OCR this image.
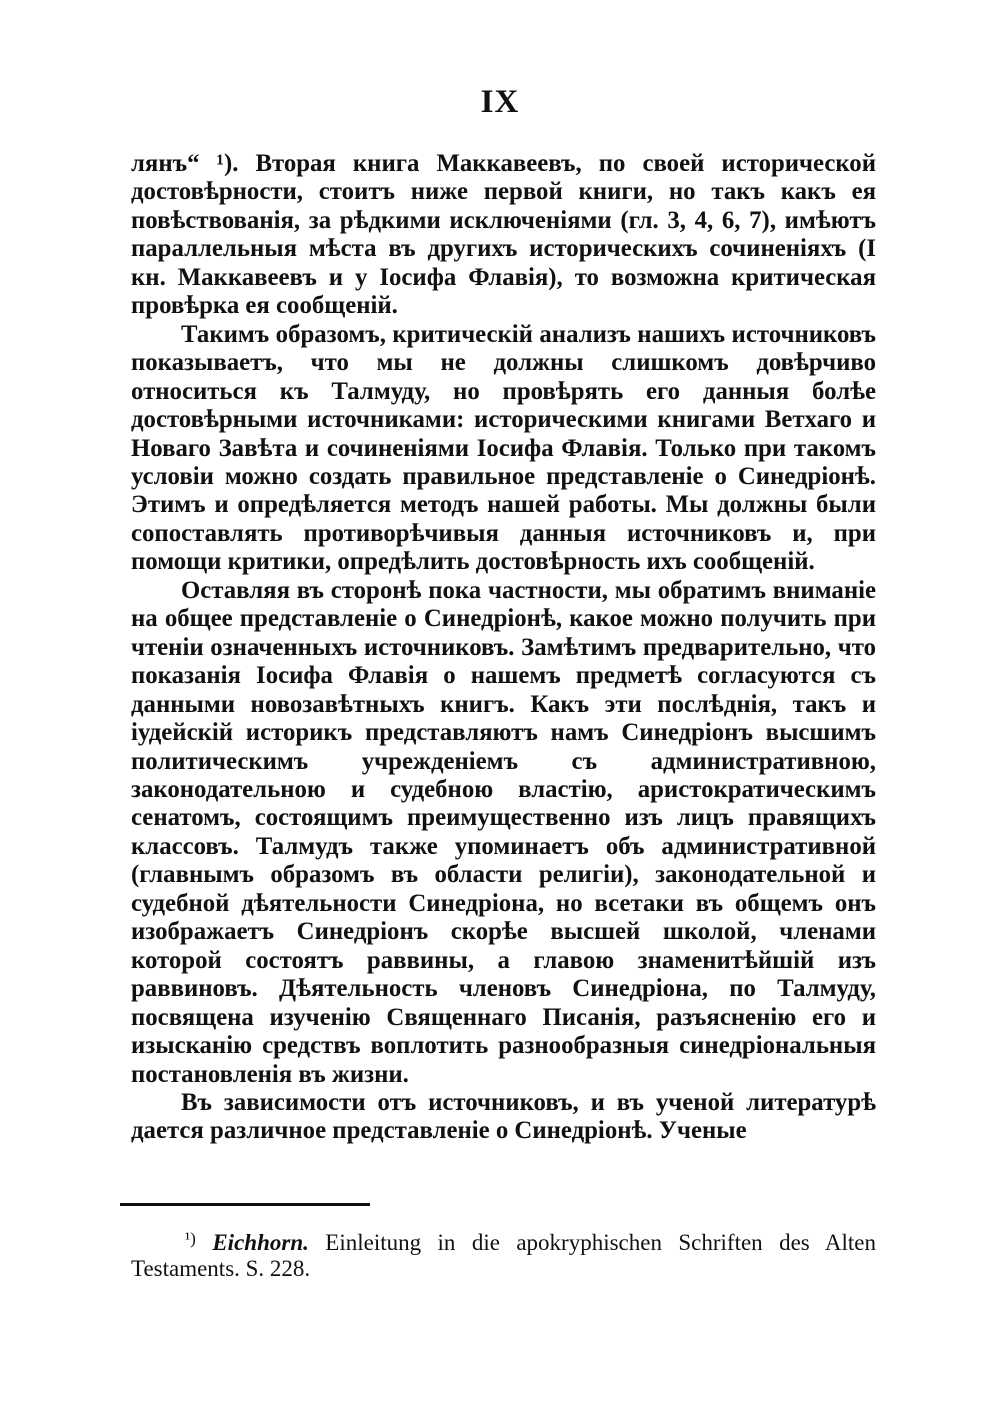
IX

лянъ“ ¹). Вторая книга Маккавеевъ, по своей исторической достовѣрности, стоитъ ниже первой книги, но такъ какъ ея повѣствованія, за рѣдкими исключеніями (гл. 3, 4, 6, 7), имѣютъ параллельныя мѣста въ другихъ историческихъ сочиненіяхъ (I кн. Маккавеевъ и у Іосифа Флавія), то возможна критическая провѣрка ея сообщеній.

Такимъ образомъ, критическій анализъ нашихъ источниковъ показываетъ, что мы не должны слишкомъ довѣрчиво относиться къ Талмуду, но провѣрять его данныя болѣе достовѣрными источниками: историческими книгами Ветхаго и Новаго Завѣта и сочиненіями Іосифа Флавія. Только при такомъ условіи можно создать правильное представленіе о Синедріонѣ. Этимъ и опредѣляется методъ нашей работы. Мы должны были сопоставлять противорѣчивыя данныя источниковъ и, при помощи критики, опредѣлить достовѣрность ихъ сообщеній.

Оставляя въ сторонѣ пока частности, мы обратимъ вниманіе на общее представленіе о Синедріонѣ, какое можно получить при чтеніи означенныхъ источниковъ. Замѣтимъ предварительно, что показанія Іосифа Флавія о нашемъ предметѣ согласуются съ данными новозавѣтныхъ книгъ. Какъ эти послѣднія, такъ и іудейскій историкъ представляютъ намъ Синедріонъ высшимъ политическимъ учрежденіемъ съ административною, законодательною и судебною властію, аристократическимъ сенатомъ, состоящимъ преимущественно изъ лицъ правящихъ классовъ. Талмудъ также упоминаетъ объ административной (главнымъ образомъ въ области религіи), законодательной и судебной дѣятельности Синедріона, но всетаки въ общемъ онъ изображаетъ Синедріонъ скорѣе высшей школой, членами которой состоятъ раввины, а главою знаменитѣйшій изъ раввиновъ. Дѣятельность членовъ Синедріона, по Талмуду, посвящена изученію Священнаго Писанія, разъясненію его и изысканію средствъ воплотить разнообразныя синедріональныя постановленія въ жизни.

Въ зависимости отъ источниковъ, и въ ученой литературѣ дается различное представленіе о Синедріонѣ. Ученые

$^{^1)}$ Eichhorn. Einleitung in die apokryphischen Schriften des Alten Testaments. S. 228.
